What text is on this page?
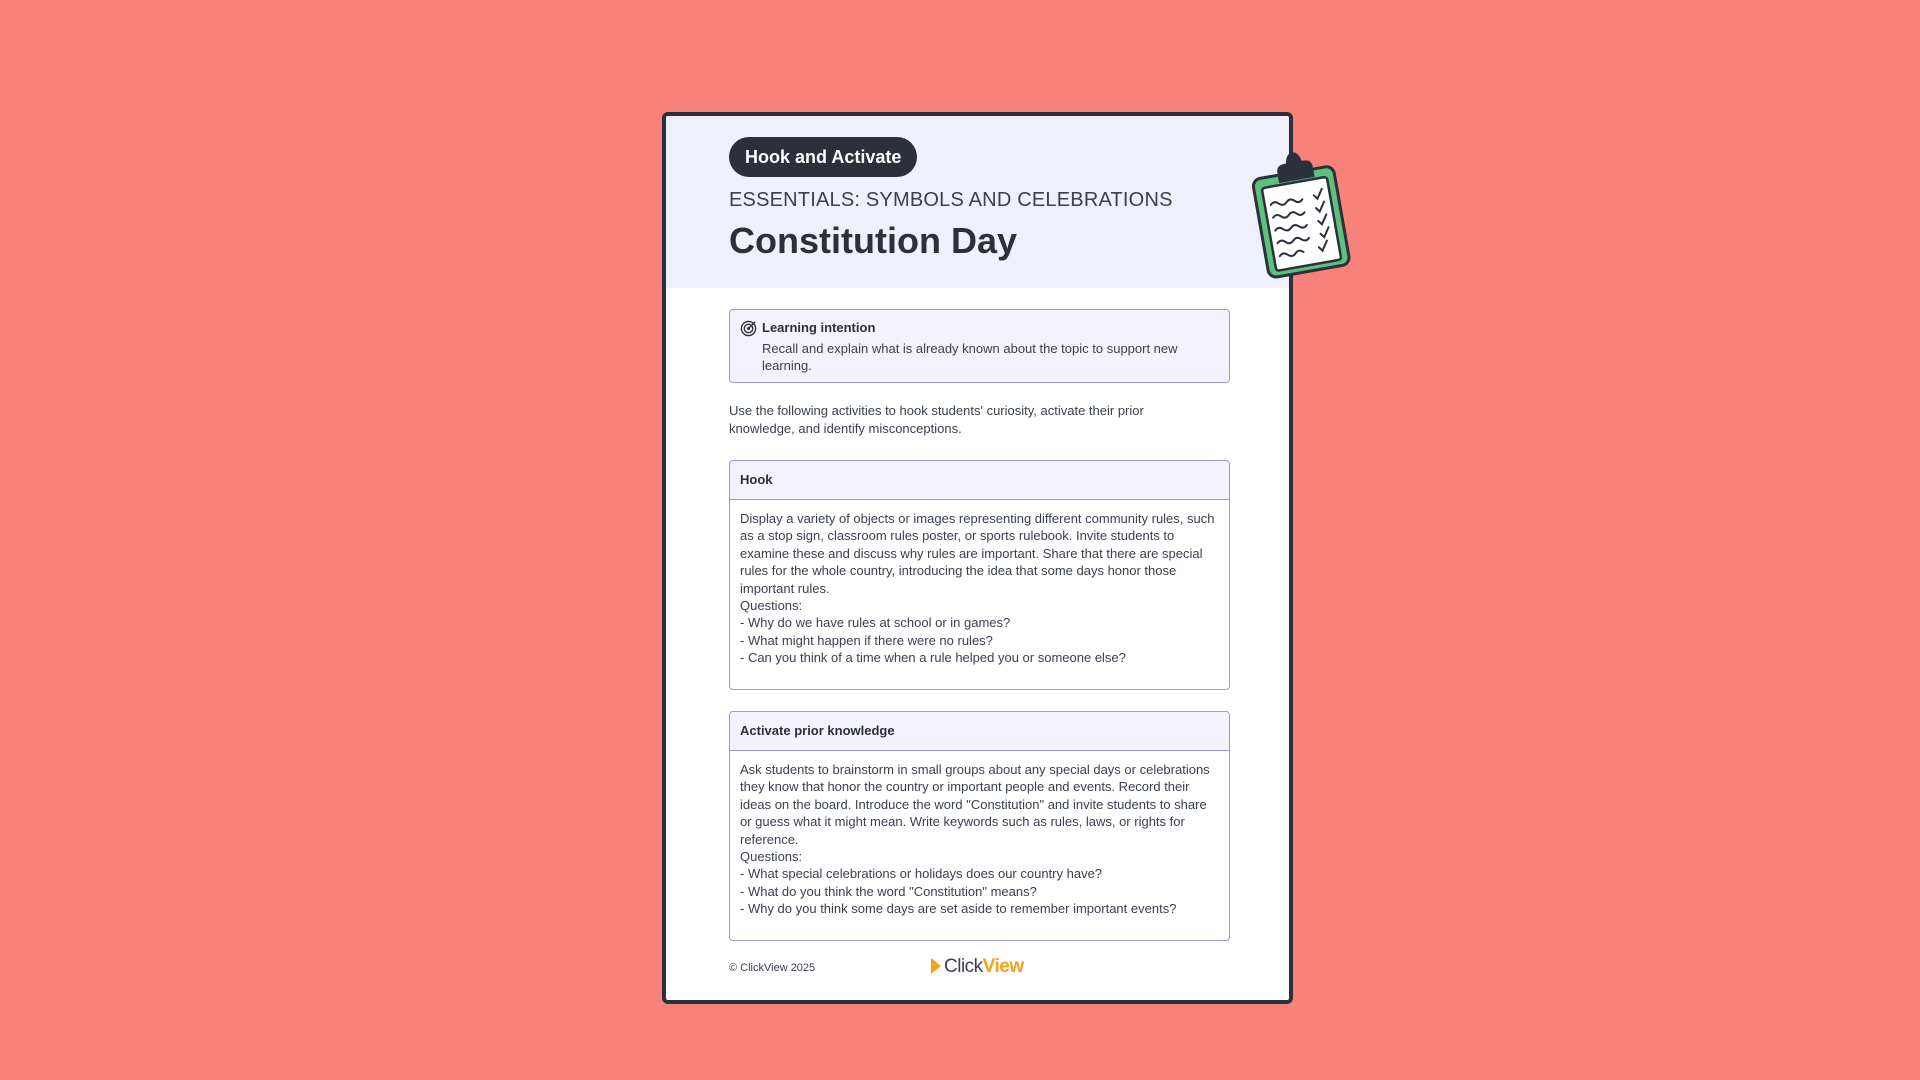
Hook and Activate
ESSENTIALS: SYMBOLS AND CELEBRATIONS
Constitution Day
Learning intention
Recall and explain what is already known about the topic to support new learning.
Use the following activities to hook students' curiosity, activate their prior knowledge, and identify misconceptions.
Hook
Display a variety of objects or images representing different community rules, such as a stop sign, classroom rules poster, or sports rulebook. Invite students to examine these and discuss why rules are important. Share that there are special rules for the whole country, introducing the idea that some days honor those important rules.
Questions:
- Why do we have rules at school or in games?
- What might happen if there were no rules?
- Can you think of a time when a rule helped you or someone else?
Activate prior knowledge
Ask students to brainstorm in small groups about any special days or celebrations they know that honor the country or important people and events. Record their ideas on the board. Introduce the word "Constitution" and invite students to share or guess what it might mean. Write keywords such as rules, laws, or rights for reference.
Questions:
- What special celebrations or holidays does our country have?
- What do you think the word "Constitution" means?
- Why do you think some days are set aside to remember important events?
© ClickView 2025	ClickView
